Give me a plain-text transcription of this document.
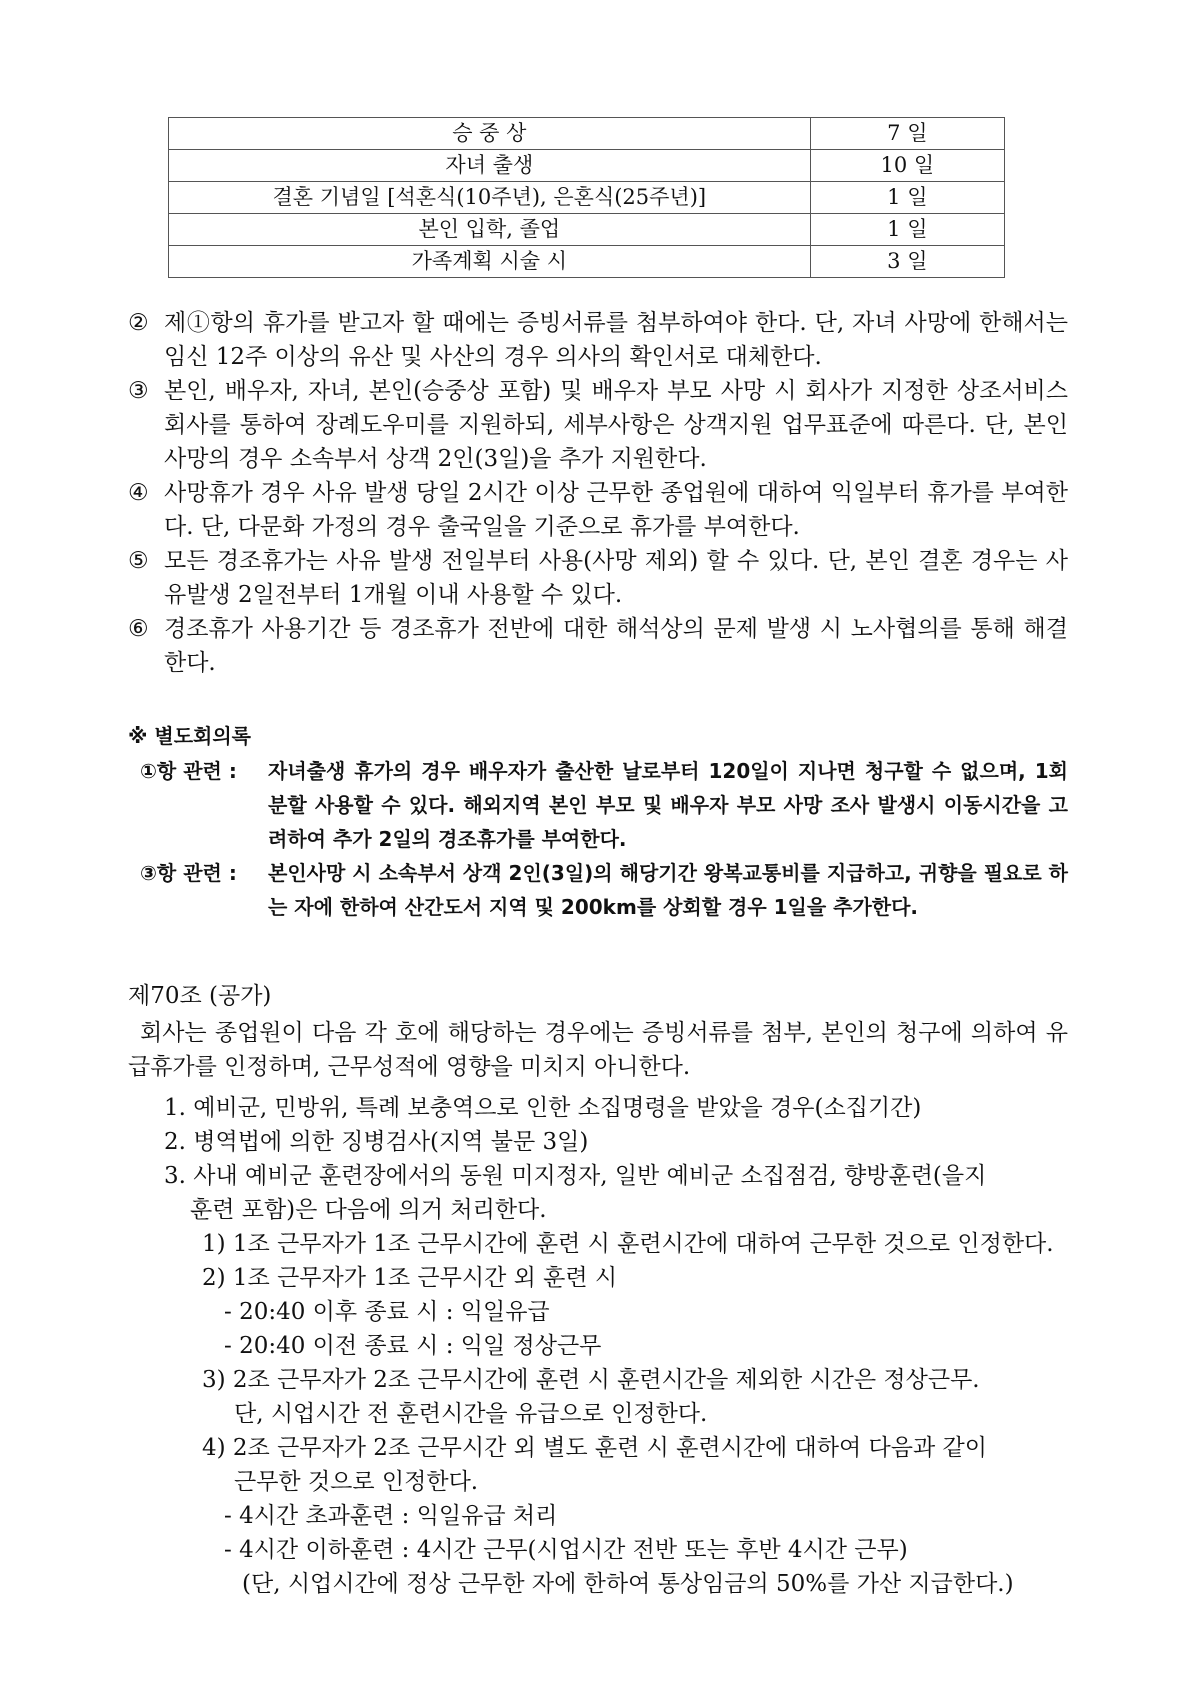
승 중 상	7 일
자녀 출생	10 일
결혼 기념일 [석혼식(10주년), 은혼식(25주년)]	1 일
본인 입학, 졸업	1 일
가족계획 시술 시	3 일
② 제①항의 휴가를 받고자 할 때에는 증빙서류를 첨부하여야 한다. 단, 자녀 사망에 한해서는 임신 12주 이상의 유산 및 사산의 경우 의사의 확인서로 대체한다.
③ 본인, 배우자, 자녀, 본인(승중상 포함) 및 배우자 부모 사망 시 회사가 지정한 상조서비스 회사를 통하여 장례도우미를 지원하되, 세부사항은 상객지원 업무표준에 따른다. 단, 본인 사망의 경우 소속부서 상객 2인(3일)을 추가 지원한다.
④ 사망휴가 경우 사유 발생 당일 2시간 이상 근무한 종업원에 대하여 익일부터 휴가를 부여한다. 단, 다문화 가정의 경우 출국일을 기준으로 휴가를 부여한다.
⑤ 모든 경조휴가는 사유 발생 전일부터 사용(사망 제외) 할 수 있다. 단, 본인 결혼 경우는 사유발생 2일전부터 1개월 이내 사용할 수 있다.
⑥ 경조휴가 사용기간 등 경조휴가 전반에 대한 해석상의 문제 발생 시 노사협의를 통해 해결한다.
※ 별도회의록
①항 관련 : 자녀출생 휴가의 경우 배우자가 출산한 날로부터 120일이 지나면 청구할 수 없으며, 1회 분할 사용할 수 있다. 해외지역 본인 부모 및 배우자 부모 사망 조사 발생시 이동시간을 고려하여 추가 2일의 경조휴가를 부여한다.
③항 관련 : 본인사망 시 소속부서 상객 2인(3일)의 해당기간 왕복교통비를 지급하고, 귀향을 필요로 하는 자에 한하여 산간도서 지역 및 200km를 상회할 경우 1일을 추가한다.
제70조 (공가)
회사는 종업원이 다음 각 호에 해당하는 경우에는 증빙서류를 첨부, 본인의 청구에 의하여 유급휴가를 인정하며, 근무성적에 영향을 미치지 아니한다.
1. 예비군, 민방위, 특례 보충역으로 인한 소집명령을 받았을 경우(소집기간)
2. 병역법에 의한 징병검사(지역 불문 3일)
3. 사내 예비군 훈련장에서의 동원 미지정자, 일반 예비군 소집점검, 향방훈련(을지
훈련 포함)은 다음에 의거 처리한다.
1) 1조 근무자가 1조 근무시간에 훈련 시 훈련시간에 대하여 근무한 것으로 인정한다.
2) 1조 근무자가 1조 근무시간 외 훈련 시
- 20:40 이후 종료 시 : 익일유급
- 20:40 이전 종료 시 : 익일 정상근무
3) 2조 근무자가 2조 근무시간에 훈련 시 훈련시간을 제외한 시간은 정상근무.
단, 시업시간 전 훈련시간을 유급으로 인정한다.
4) 2조 근무자가 2조 근무시간 외 별도 훈련 시 훈련시간에 대하여 다음과 같이
근무한 것으로 인정한다.
- 4시간 초과훈련 : 익일유급 처리
- 4시간 이하훈련 : 4시간 근무(시업시간 전반 또는 후반 4시간 근무)
(단, 시업시간에 정상 근무한 자에 한하여 통상임금의 50%를 가산 지급한다.)
